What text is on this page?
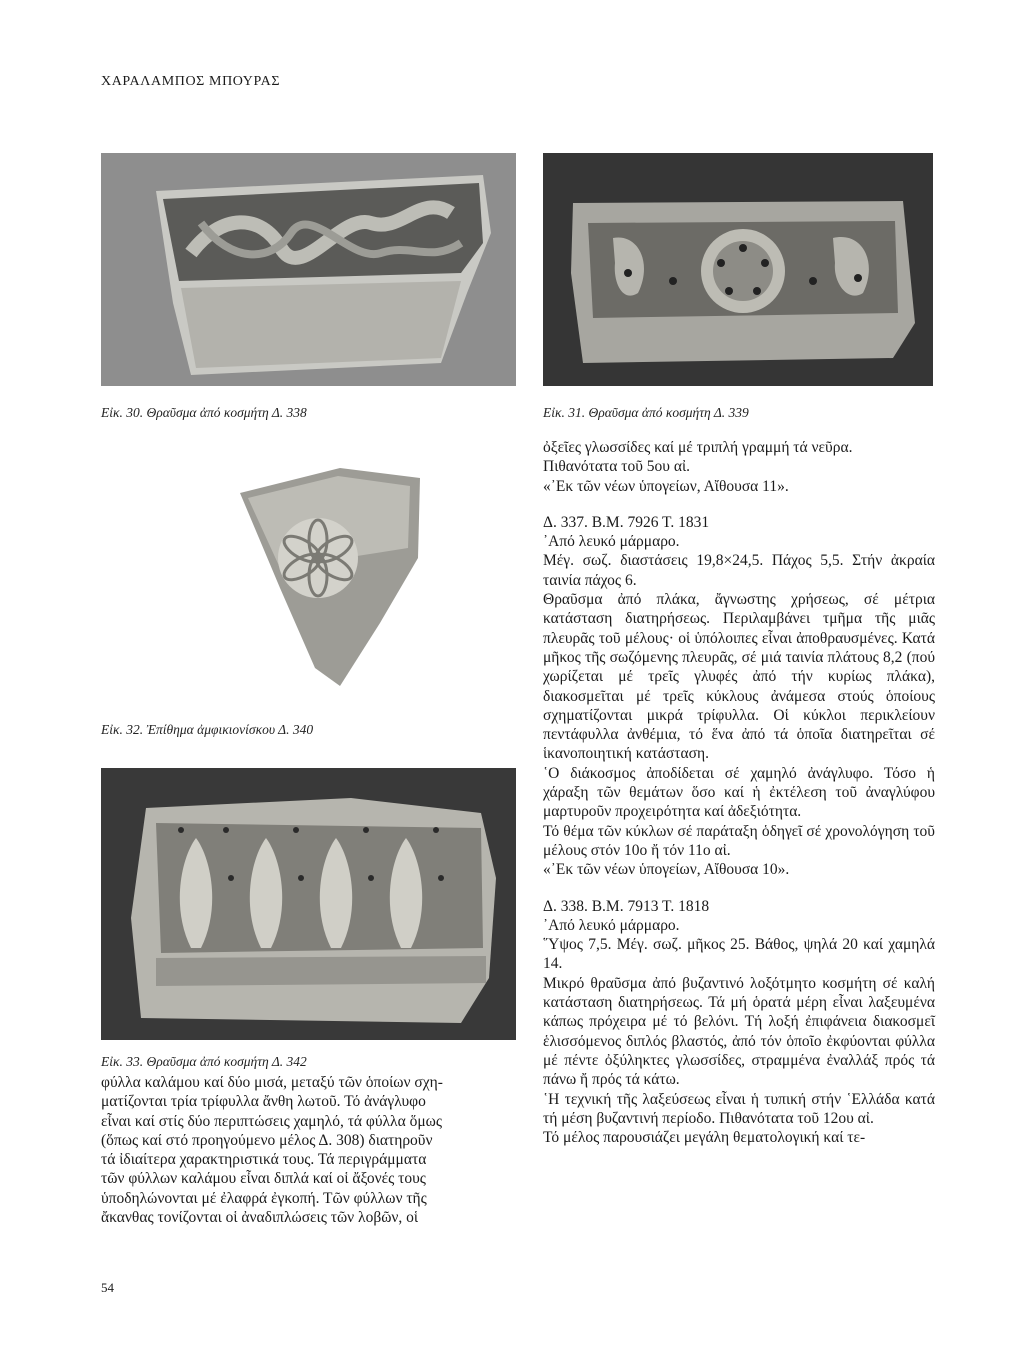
ΧΑΡΑΛΑΜΠΟΣ ΜΠΟΥΡΑΣ
Εἰκ. 30. Θραῦσμα ἀπό κοσμήτη Δ. 338	Εἰκ. 31. Θραῦσμα ἀπό κοσμήτη Δ. 339
Εἰκ. 32. Ἐπίθημα ἀμφικιονίσκου Δ. 340
Εἰκ. 33. Θραῦσμα ἀπό κοσμήτη Δ. 342

φύλλα καλάμου καί δύο μισά, μεταξύ τῶν ὁποίων σχη-

ματίζονται τρία τρίφυλλα ἄνθη λωτοῦ. Τό ἀνάγλυφο

εἶναι καί στίς δύο περιπτώσεις χαμηλό, τά φύλλα ὅμως

(ὅπως καί στό προηγούμενο μέλος Δ. 308) διατηροῦν

τά ἰδιαίτερα χαρακτηριστικά τους. Τά περιγράμματα

τῶν φύλλων καλάμου εἶναι διπλά καί οἱ ἄξονές τους

ὑποδηλώνονται μέ ἐλαφρά ἐγκοπή. Τῶν φύλλων τῆς

ἄκανθας τονίζονται οἱ ἀναδιπλώσεις τῶν λοβῶν, οἱ

ὀξεῖες γλωσσίδες καί μέ τριπλή γραμμή τά νεῦρα.

Πιθανότατα τοῦ 5ου αἰ.

«᾿Εκ τῶν νέων ὑπογείων, Αἴθουσα 11».

Δ. 337. Β.Μ. 7926 Τ. 1831

᾿Από λευκό μάρμαρο.

Μέγ. σωζ. διαστάσεις 19,8×24,5. Πάχος 5,5. Στήν ἀκραία ταινία πάχος 6.

Θραῦσμα ἀπό πλάκα, ἄγνωστης χρήσεως, σέ μέτρια κατάσταση διατηρήσεως. Περιλαμβάνει τμῆμα τῆς μιᾶς πλευρᾶς τοῦ μέλους· οἱ ὑπόλοιπες εἶναι ἀποθραυσμένες. Κατά μῆκος τῆς σωζόμενης πλευρᾶς, σέ μιά ταινία πλάτους 8,2 (πού χωρίζεται μέ τρεῖς γλυφές ἀπό τήν κυρίως πλάκα), διακοσμεῖται μέ τρεῖς κύκλους ἀνάμεσα στούς ὁποίους σχηματίζονται μικρά τρίφυλλα. Οἱ κύκλοι περικλείουν πεντάφυλλα ἀνθέμια, τό ἕνα ἀπό τά ὁποῖα διατηρεῖται σέ ἱκανοποιητική κατάσταση.

῾Ο διάκοσμος ἀποδίδεται σέ χαμηλό ἀνάγλυφο. Τόσο ἡ χάραξη τῶν θεμάτων ὅσο καί ἡ ἐκτέλεση τοῦ ἀναγλύφου μαρτυροῦν προχειρότητα καί ἀδεξιότητα.

Τό θέμα τῶν κύκλων σέ παράταξη ὁδηγεῖ σέ χρονολόγηση τοῦ μέλους στόν 10ο ἤ τόν 11ο αἰ.

«᾿Εκ τῶν νέων ὑπογείων, Αἴθουσα 10».

Δ. 338. Β.Μ. 7913 Τ. 1818

᾿Από λευκό μάρμαρο.

῞Υψος 7,5. Μέγ. σωζ. μῆκος 25. Βάθος, ψηλά 20 καί χαμηλά 14.

Μικρό θραῦσμα ἀπό βυζαντινό λοξότμητο κοσμήτη σέ καλή κατάσταση διατηρήσεως. Τά μή ὁρατά μέρη εἶναι λαξευμένα κάπως πρόχειρα μέ τό βελόνι. Τή λοξή ἐπιφάνεια διακοσμεῖ ἑλισσόμενος διπλός βλαστός, ἀπό τόν ὁποῖο ἐκφύονται φύλλα μέ πέντε ὀξύληκτες γλωσσίδες, στραμμένα ἐναλλάξ πρός τά πάνω ἤ πρός τά κάτω.

῾Η τεχνική τῆς λαξεύσεως εἶναι ἡ τυπική στήν ῾Ελλάδα κατά τή μέση βυζαντινή περίοδο. Πιθανότατα τοῦ 12ου αἰ.

Τό μέλος παρουσιάζει μεγάλη θεματολογική καί τε-

54
